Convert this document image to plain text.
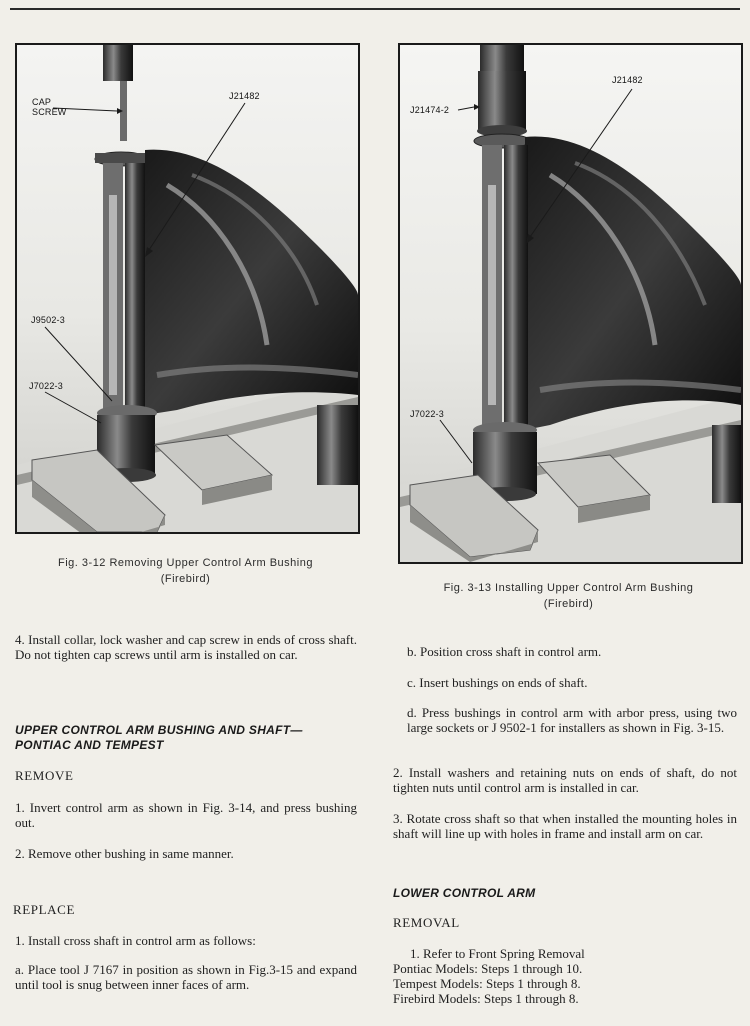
CAP
SCREW
J21482
J9502-3
J7022-3
Fig. 3-12 Removing Upper Control Arm Bushing
(Firebird)
J21474-2
J21482
J7022-3
Fig. 3-13 Installing Upper Control Arm Bushing
(Firebird)

4. Install collar, lock washer and cap screw in ends of cross shaft. Do not tighten cap screws until arm is installed on car.

UPPER CONTROL ARM BUSHING AND SHAFT—
PONTIAC AND TEMPEST
REMOVE

1. Invert control arm as shown in Fig. 3-14, and press bushing out.

2. Remove other bushing in same manner.

REPLACE

1. Install cross shaft in control arm as follows:

a. Place tool J 7167 in position as shown in Fig.3-15 and expand until tool is snug between inner faces of arm.

b. Position cross shaft in control arm.

c. Insert bushings on ends of shaft.

d. Press bushings in control arm with arbor press, using two large sockets or J 9502-1 for installers as shown in Fig. 3-15.

2. Install washers and retaining nuts on ends of shaft, do not tighten nuts until control arm is installed in car.

3. Rotate cross shaft so that when installed the mounting holes in shaft will line up with holes in frame and install arm on car.

LOWER CONTROL ARM
REMOVAL

1. Refer to Front Spring Removal

Pontiac Models: Steps 1 through 10.

Tempest Models: Steps 1 through 8.

Firebird Models: Steps 1 through 8.
